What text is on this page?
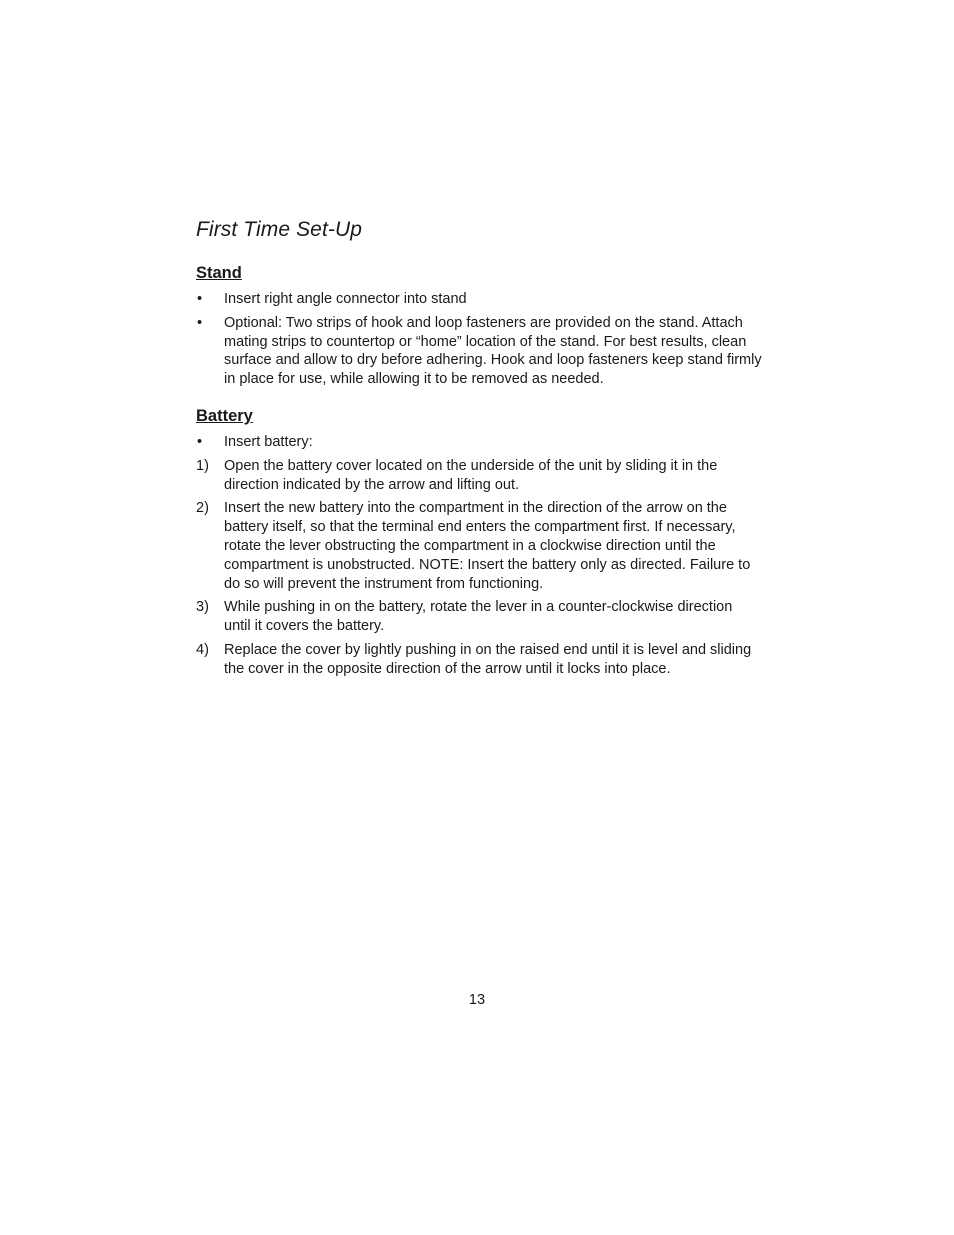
First Time Set-Up
Stand
•	Insert right angle connector into stand
•	Optional: Two strips of hook and loop fasteners are provided on the stand. Attach mating strips to countertop or “home” location of the stand. For best results, clean surface and allow to dry before adhering. Hook and loop fasteners keep stand firmly in place for use, while allowing it to be removed as needed.
Battery
•	Insert battery:
1)	Open the battery cover located on the underside of the unit by sliding it in the direction indicated by the arrow and lifting out.
2)	Insert the new battery into the compartment in the direction of the arrow on the battery itself, so that the terminal end enters the compartment first. If necessary, rotate the lever obstructing the compartment in a clockwise direction until the compartment is unobstructed. NOTE: Insert the battery only as directed. Failure to do so will prevent the instrument from functioning.
3)	While pushing in on the battery, rotate the lever in a counter-clockwise direction until it covers the battery.
4)	Replace the cover by lightly pushing in on the raised end until it is level and sliding the cover in the opposite direction of the arrow until it locks into place.
13
